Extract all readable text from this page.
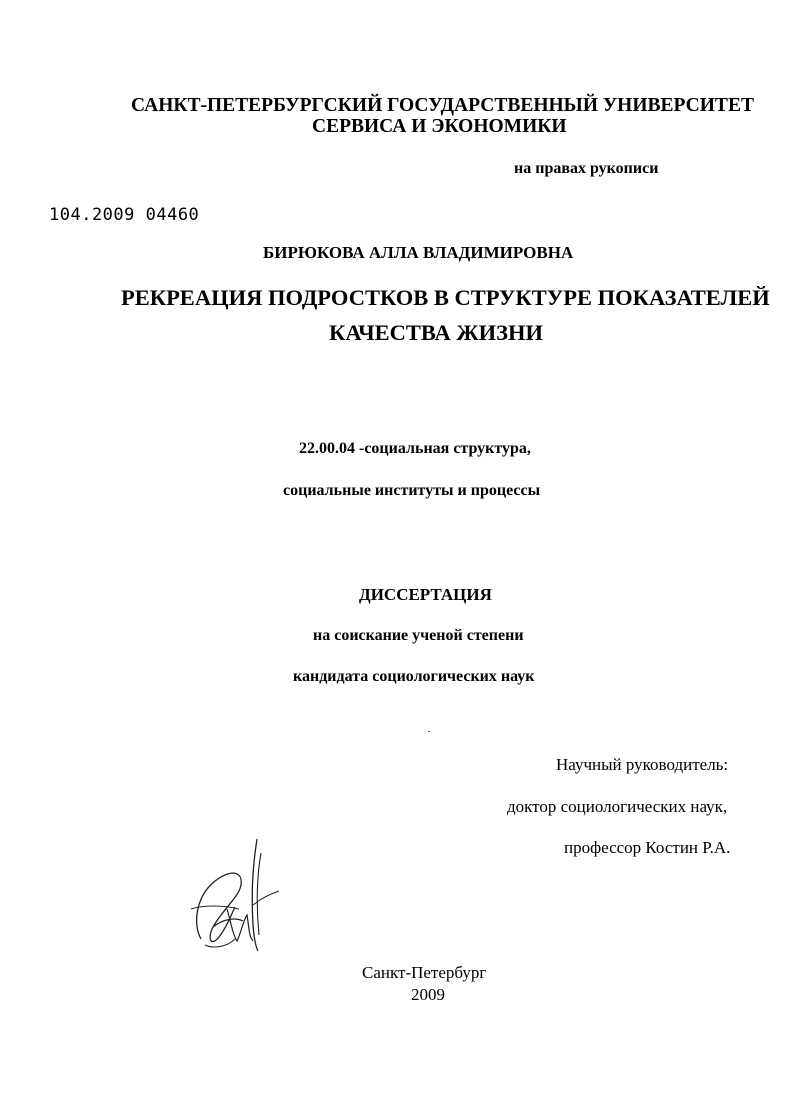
САНКТ-ПЕТЕРБУРГСКИЙ ГОСУДАРСТВЕННЫЙ УНИВЕРСИТЕТ
СЕРВИСА И ЭКОНОМИКИ
на правах рукописи
104.2009 04460
БИРЮКОВА АЛЛА ВЛАДИМИРОВНА
РЕКРЕАЦИЯ ПОДРОСТКОВ В СТРУКТУРЕ ПОКАЗАТЕЛЕЙ
КАЧЕСТВА ЖИЗНИ
22.00.04 -социальная структура,
социальные институты и процессы
ДИССЕРТАЦИЯ
на соискание ученой степени
кандидата социологических наук
Научный руководитель:
доктор социологических наук,
профессор Костин Р.А.
Санкт-Петербург
2009
